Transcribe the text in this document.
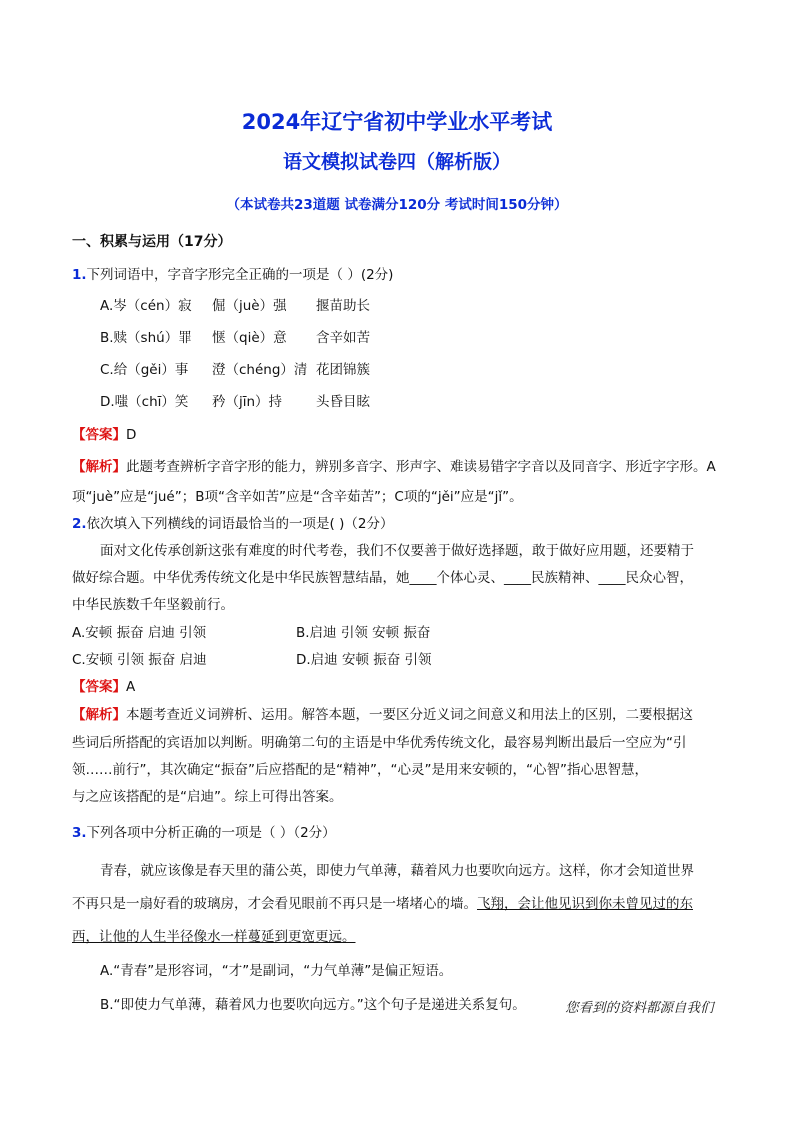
2024年辽宁省初中学业水平考试
语文模拟试卷四（解析版）
（本试卷共23道题 试卷满分120分 考试时间150分钟）
一、积累与运用（17分）
1.下列词语中，字音字形完全正确的一项是（ ）(2分)
A.岑（cén）寂 倔（juè）强 揠苗助长
B.赎（shú）罪 惬（qiè）意 含辛如苦
C.给（gěi）事 澄（chéng）清 花团锦簇
D.嗤（chī）笑 矜（jīn）持	头昏目眩
【答案】D
【解析】此题考查辨析字音字形的能力，辨别多音字、形声字、难读易错字字音以及同音字、形近字字形。A
项“juè”应是“jué”；B项“含辛如苦”应是“含辛茹苦”；C项的“jěi”应是“jǐ”。
2.依次填入下列横线的词语最恰当的一项是( )（2分）
面对文化传承创新这张有难度的时代考卷，我们不仅要善于做好选择题，敢于做好应用题，还要精于
做好综合题。中华优秀传统文化是中华民族智慧结晶，她____个体心灵、____民族精神、____民众心智，
中华民族数千年坚毅前行。
A.安顿 振奋 启迪 引领	B.启迪 引领 安顿 振奋
C.安顿 引领 振奋 启迪	D.启迪 安顿 振奋 引领
【答案】A
【解析】本题考查近义词辨析、运用。解答本题，一要区分近义词之间意义和用法上的区别，二要根据这
些词后所搭配的宾语加以判断。明确第二句的主语是中华优秀传统文化，最容易判断出最后一空应为“引
领……前行”，其次确定“振奋”后应搭配的是“精神”，“心灵”是用来安顿的，“心智”指心思智慧，
与之应该搭配的是“启迪”。综上可得出答案。
3.下列各项中分析正确的一项是（ ）（2分）
青春，就应该像是春天里的蒲公英，即使力气单薄，藉着风力也要吹向远方。这样，你才会知道世界
不再只是一扇好看的玻璃房，才会看见眼前不再只是一堵堵心的墙。飞翔，会让他见识到你未曾见过的东
西，让他的人生半径像水一样蔓延到更宽更远。
A.“青春”是形容词，“才”是副词，“力气单薄”是偏正短语。
B.“即使力气单薄，藉着风力也要吹向远方。”这个句子是递进关系复句。	您看到的资料都源自我们
